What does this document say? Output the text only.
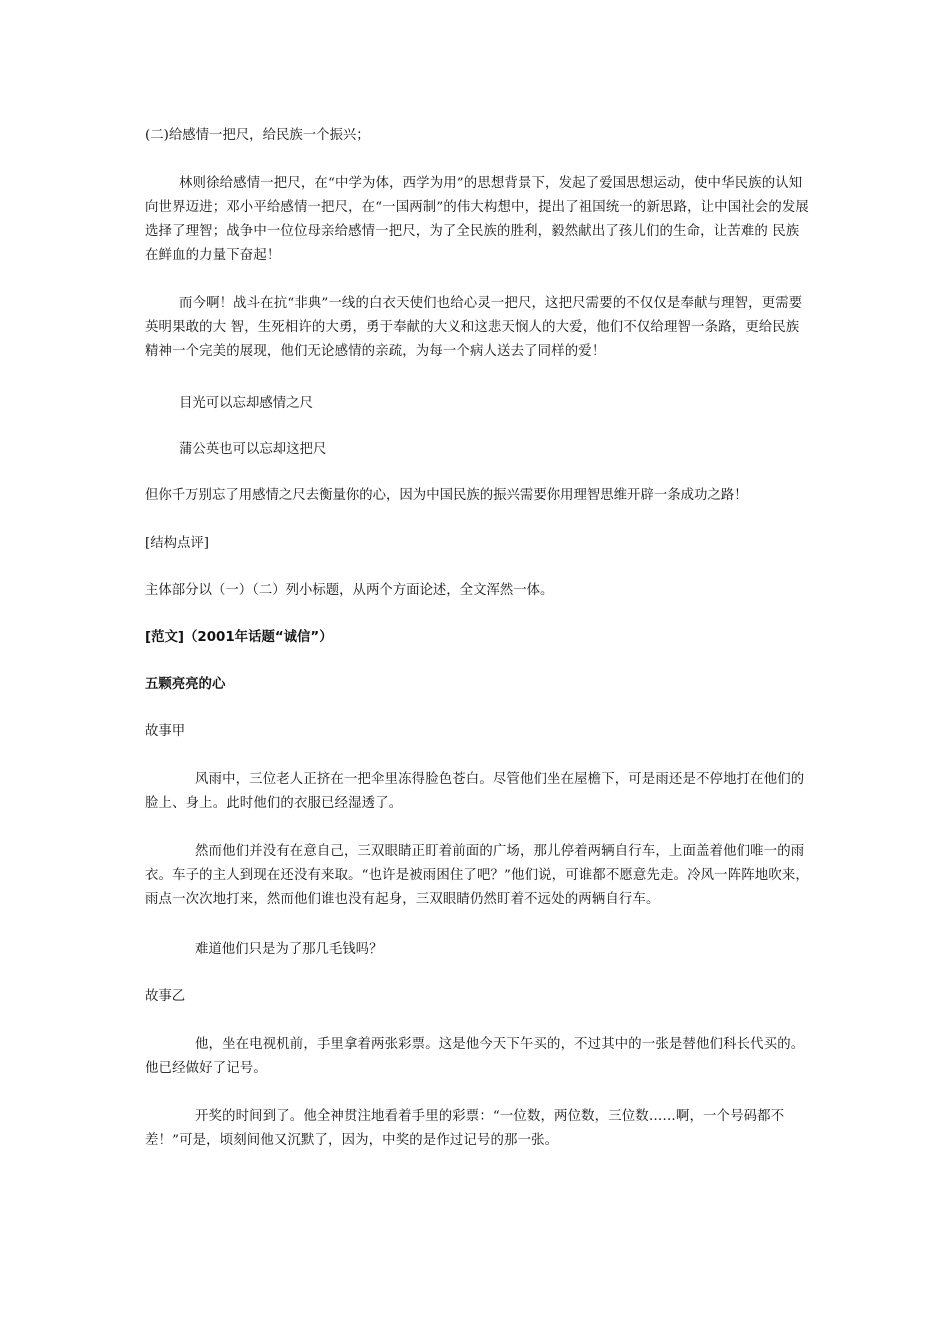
(二)给感情一把尺，给民族一个振兴；

林则徐给感情一把尺，在“中学为体，西学为用”的思想背景下，发起了爱国思想运动，使中华民族的认知向世界迈进；邓小平给感情一把尺，在“一国两制”的伟大构想中，提出了祖国统一的新思路，让中国社会的发展选择了理智；战争中一位位母亲给感情一把尺，为了全民族的胜利，毅然献出了孩儿们的生命，让苦难的 民族在鲜血的力量下奋起！

而今啊！战斗在抗“非典”一线的白衣天使们也给心灵一把尺，这把尺需要的不仅仅是奉献与理智，更需要英明果敢的大 智，生死相许的大勇，勇于奉献的大义和这悲天悯人的大爱，他们不仅给理智一条路，更给民族精神一个完美的展现，他们无论感情的亲疏，为每一个病人送去了同样的爱！

目光可以忘却感情之尺

蒲公英也可以忘却这把尺

但你千万别忘了用感情之尺去衡量你的心，因为中国民族的振兴需要你用理智思维开辟一条成功之路！

[结构点评]

主体部分以（一）（二）列小标题，从两个方面论述，全文浑然一体。

[范文]（2001年话题“诚信”）

五颗亮亮的心

故事甲

风雨中，三位老人正挤在一把伞里冻得脸色苍白。尽管他们坐在屋檐下，可是雨还是不停地打在他们的脸上、身上。此时他们的衣服已经湿透了。

然而他们并没有在意自己，三双眼睛正盯着前面的广场，那儿停着两辆自行车，上面盖着他们唯一的雨衣。车子的主人到现在还没有来取。“也许是被雨困住了吧？”他们说，可谁都不愿意先走。冷风一阵阵地吹来，雨点一次次地打来，然而他们谁也没有起身，三双眼睛仍然盯着不远处的两辆自行车。

难道他们只是为了那几毛钱吗？

故事乙

他，坐在电视机前，手里拿着两张彩票。这是他今天下午买的，不过其中的一张是替他们科长代买的。他已经做好了记号。

开奖的时间到了。他全神贯注地看着手里的彩票：“一位数，两位数，三位数……啊，一个号码都不差！”可是，顷刻间他又沉默了，因为，中奖的是作过记号的那一张。
